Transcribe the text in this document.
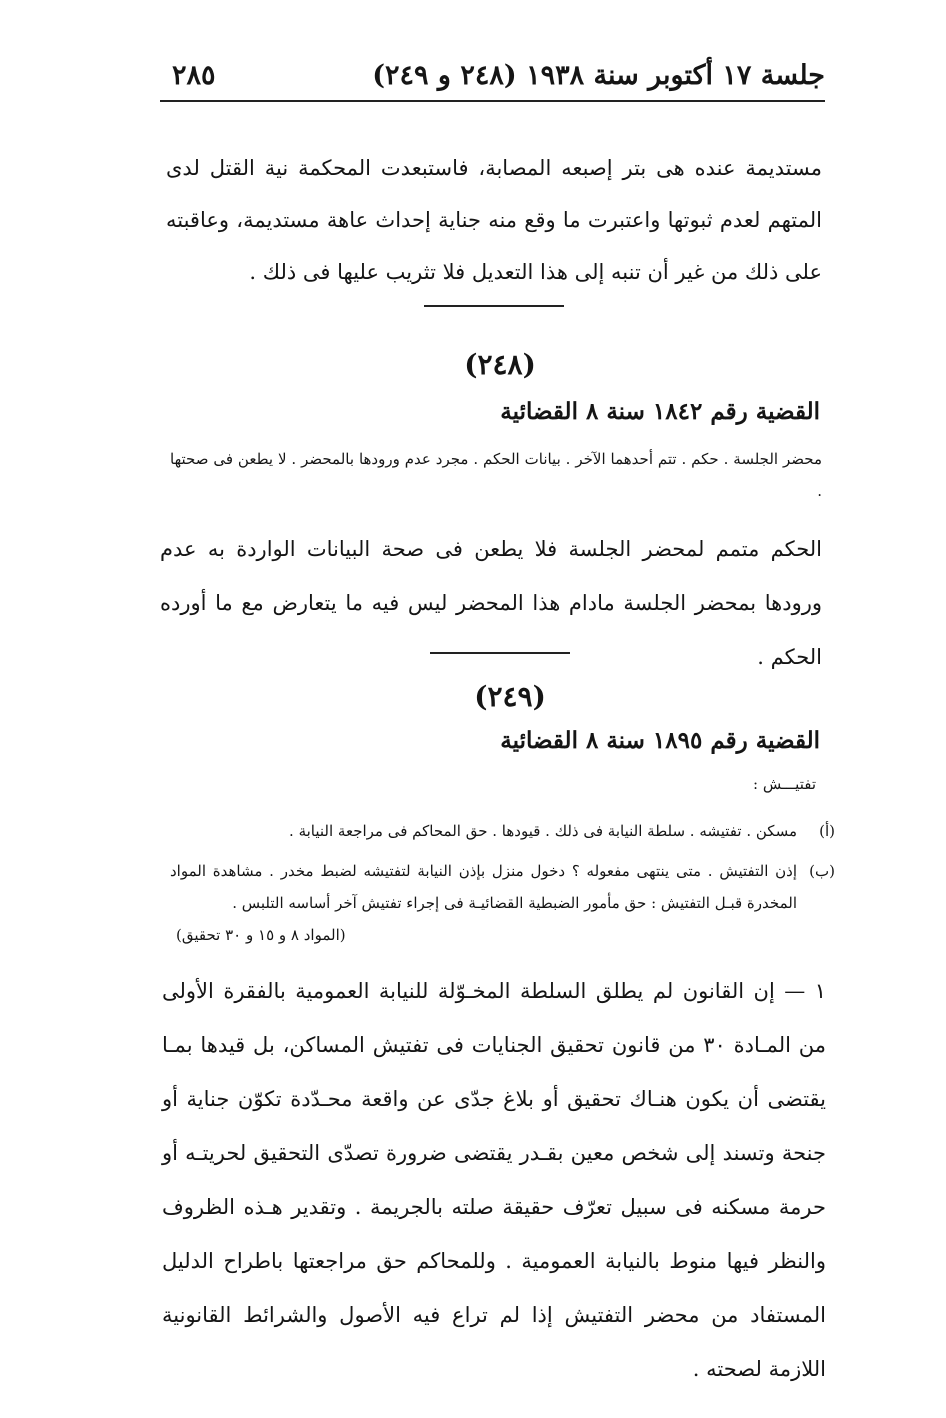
جلسة ١٧ أكتوبر سنة ١٩٣٨ (٢٤٨ و ٢٤٩)
٢٨٥
مستديمة عنده هى بتر إصبعه المصابة، فاستبعدت المحكمة نية القتل لدى المتهم لعدم ثبوتها واعتبرت ما وقع منه جناية إحداث عاهة مستديمة، وعاقبته على ذلك من غير أن تنبه إلى هذا التعديل فلا تثريب عليها فى ذلك .
(٢٤٨)
القضية رقم ١٨٤٢ سنة ٨ القضائية
محضر الجلسة . حكم . تتم أحدهما الآخر . بيانات الحكم . مجرد عدم ورودها بالمحضر . لا يطعن فى صحتها .
الحكم متمم لمحضر الجلسة فلا يطعن فى صحة البيانات الواردة به عدم ورودها بمحضر الجلسة مادام هذا المحضر ليس فيه ما يتعارض مع ما أورده الحكم .
(٢٤٩)
القضية رقم ١٨٩٥ سنة ٨ القضائية
تفتيـــش :
(أ)
مسكن . تفتيشه . سلطة النيابة فى ذلك . قيودها . حق المحاكم فى مراجعة النيابة .
(ب)
إذن التفتيش . متى ينتهى مفعوله ؟ دخول منزل بإذن النيابة لتفتيشه لضبط مخدر . مشاهدة المواد المخدرة قبـل التفتيش : حق مأمور الضبطية القضائيـة فى إجراء تفتيش آخر أساسه التلبس .
(المواد ٨ و ١٥ و ٣٠ تحقيق)
١ — إن القانون لم يطلق السلطة المخـوّلة للنيابة العمومية بالفقرة الأولى من المـادة ٣٠ من قانون تحقيق الجنايات فى تفتيش المساكن، بل قيدها بمـا يقتضى أن يكون هنـاك تحقيق أو بلاغ جدّى عن واقعة محـدّدة تكوّن جناية أو جنحة وتسند إلى شخص معين بقـدر يقتضى ضرورة تصدّى التحقيق لحريتـه أو حرمة مسكنه فى سبيل تعرّف حقيقة صلته بالجريمة . وتقدير هـذه الظروف والنظر فيها منوط بالنيابة العمومية . وللمحاكم حق مراجعتها باطراح الدليل المستفاد من محضر التفتيش إذا لم تراع فيه الأصول والشرائط القانونية اللازمة لصحته .
